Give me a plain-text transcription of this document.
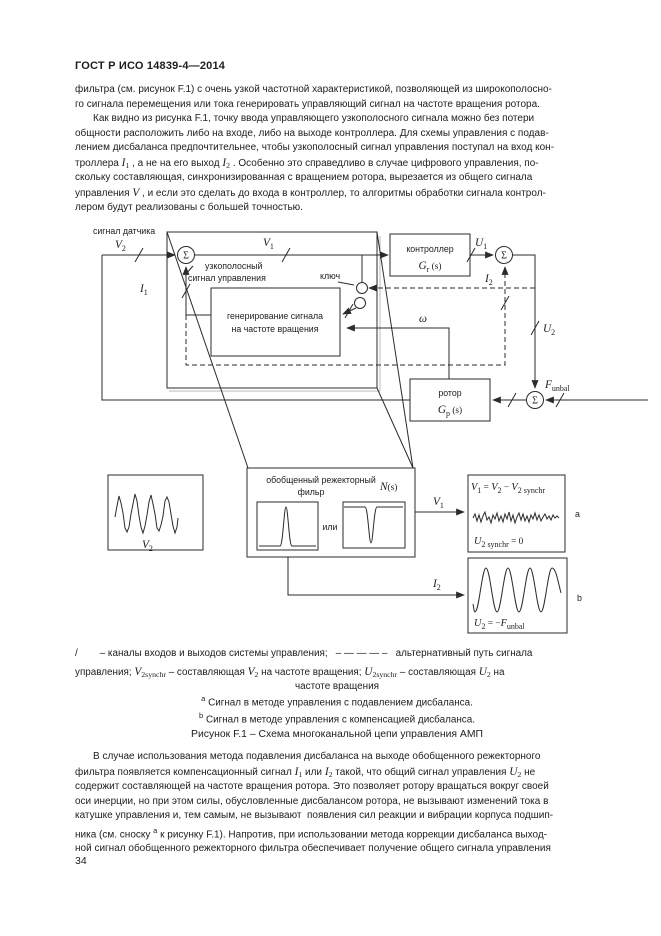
ГОСТ Р ИСО 14839-4—2014
фильтра (см. рисунок F.1) с очень узкой частотной характеристикой, позволяющей из широкополосно-
го сигнала перемещения или тока генерировать управляющий сигнал на частоте вращения ротора.
Как видно из рисунка F.1, точку ввода управляющего узкополосного сигнала можно без потери
общности расположить либо на входе, либо на выходе контроллера. Для схемы управления с подав-
лением дисбаланса предпочтительнее, чтобы узкополосный сигнал управления поступал на вход кон-
троллера $I_1$ , а не на его выход $I_2$ . Особенно это справедливо в случае цифрового управления, по-
скольку составляющая, синхронизированная с вращением ротора, вырезается из общего сигнала
управления V , и если это сделать до входа в контроллер, то алгоритмы обработки сигнала контрол-
лером будут реализованы с большей точностью.
сигнал датчика
$V_2$
Σ
узкополосный
сигнал управления
$V_1$
ключ
генерирование сигнала
на частоте вращения
ω
$I_1$
$I_2$
контроллер
$G_r$ $^{(s)}$
$U_1$
Σ
$U_2$
$F_{unbal}$
Σ
ротор
$G_p$ $^{(s)}$
$V_2$
обобщенный режекторный
фильр	N(s)
или
$V_1$
$V_1 = V_2 - V_{2 synchr}$
$U_{2 synchr} = 0$
a
$I_2$
$U_2 = -F_{unbal}$
b
/        – каналы входов и выходов системы управления;   – — — — –   альтернативный путь сигнала
управления; $V_{2synchr}$ – составляющая $V_2$ на частоте вращения; $U_{2synchr}$ – составляющая $U_2$ на
частоте вращения
$^a$ Сигнал в методе управления с подавлением дисбаланса.
$^b$ Сигнал в методе управления с компенсацией дисбаланса.
Рисунок F.1 – Схема многоканальной цепи управления АМП
В случае использования метода подавления дисбаланса на выходе обобщенного режекторного
фильтра появляется компенсационный сигнал $I_1$ или $I_2$ такой, что общий сигнал управления $U_2$ не
содержит составляющей на частоте вращения ротора. Это позволяет ротору вращаться вокруг своей
оси инерции, но при этом силы, обусловленные дисбалансом ротора, не вызывают изменений тока в
катушке управления и, тем самым, не вызывают  появления сил реакции и вибрации корпуса подшип-
ника (см. сноску $^a$ к рисунку F.1). Напротив, при использовании метода коррекции дисбаланса выход-
ной сигнал обобщенного режекторного фильтра обеспечивает получение общего сигнала управления
34
